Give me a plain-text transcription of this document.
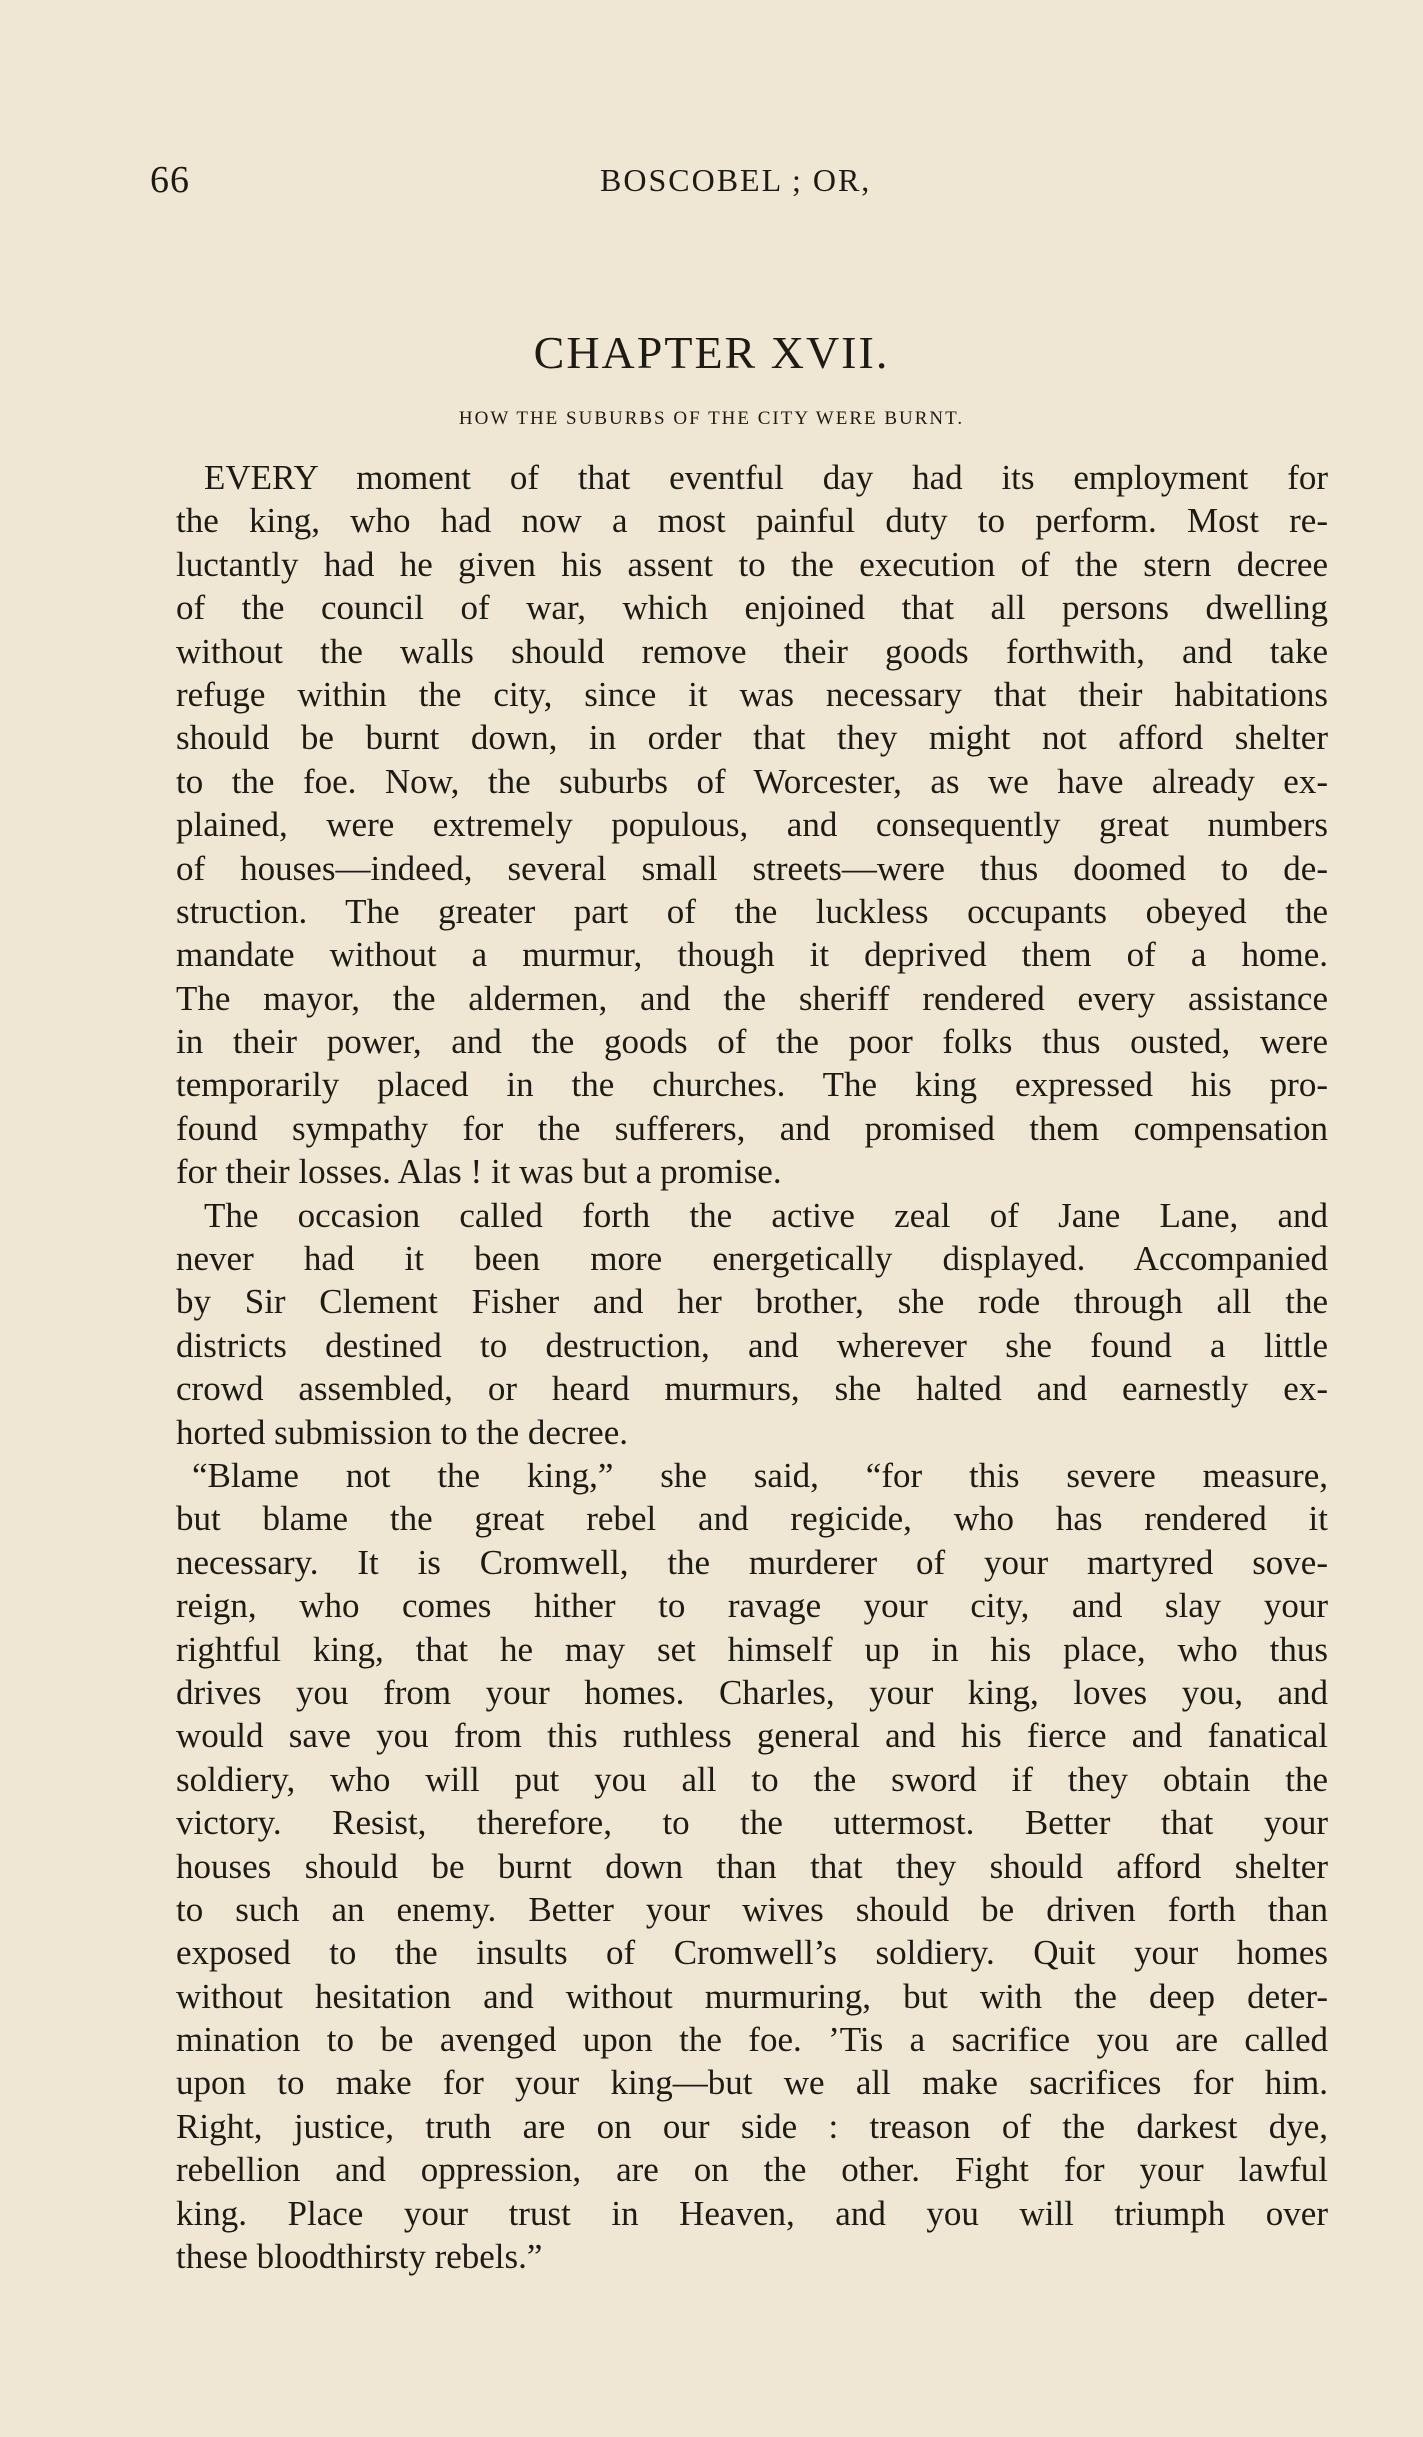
66	BOSCOBEL ; OR,
CHAPTER XVII.
HOW THE SUBURBS OF THE CITY WERE BURNT.
EVERY moment of that eventful day had its employment for
the king, who had now a most painful duty to perform. Most re-
luctantly had he given his assent to the execution of the stern decree
of the council of war, which enjoined that all persons dwelling
without the walls should remove their goods forthwith, and take
refuge within the city, since it was necessary that their habitations
should be burnt down, in order that they might not afford shelter
to the foe. Now, the suburbs of Worcester, as we have already ex-
plained, were extremely populous, and consequently great numbers
of houses—indeed, several small streets—were thus doomed to de-
struction. The greater part of the luckless occupants obeyed the
mandate without a murmur, though it deprived them of a home.
The mayor, the aldermen, and the sheriff rendered every assistance
in their power, and the goods of the poor folks thus ousted, were
temporarily placed in the churches. The king expressed his pro-
found sympathy for the sufferers, and promised them compensation
for their losses. Alas ! it was but a promise.
The occasion called forth the active zeal of Jane Lane, and
never had it been more energetically displayed. Accompanied
by Sir Clement Fisher and her brother, she rode through all the
districts destined to destruction, and wherever she found a little
crowd assembled, or heard murmurs, she halted and earnestly ex-
horted submission to the decree.
“Blame not the king,” she said, “for this severe measure,
but blame the great rebel and regicide, who has rendered it
necessary. It is Cromwell, the murderer of your martyred sove-
reign, who comes hither to ravage your city, and slay your
rightful king, that he may set himself up in his place, who thus
drives you from your homes. Charles, your king, loves you, and
would save you from this ruthless general and his fierce and fanatical
soldiery, who will put you all to the sword if they obtain the
victory. Resist, therefore, to the uttermost. Better that your
houses should be burnt down than that they should afford shelter
to such an enemy. Better your wives should be driven forth than
exposed to the insults of Cromwell’s soldiery. Quit your homes
without hesitation and without murmuring, but with the deep deter-
mination to be avenged upon the foe. ’Tis a sacrifice you are called
upon to make for your king—but we all make sacrifices for him.
Right, justice, truth are on our side : treason of the darkest dye,
rebellion and oppression, are on the other. Fight for your lawful
king. Place your trust in Heaven, and you will triumph over
these bloodthirsty rebels.”
